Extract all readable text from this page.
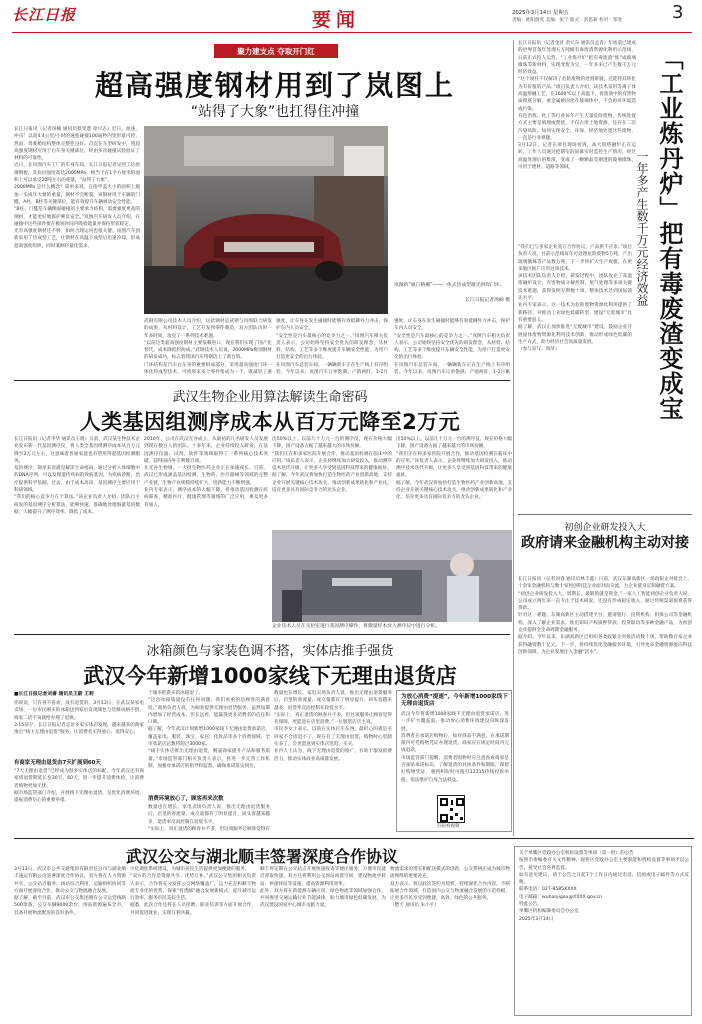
长江日报	要闻	2025年3月14日 星期五
责编：欧阳倩雯 美编：张宁 版式：彭思莉 校对：邹进	3
聚力建支点 夺取开门红
超高强度钢材用到了岚图上
“站得了大象”也扛得住冲撞
长江日报讯（记者汤楠 通讯员蔡雯薏 徐尽志）近日，加速、冲击！以超4.4公里/小时的速度碰撞100毫秒内变形量可控，然而，驾驶舱结构整体完整性良好。首次在车型研发中，将超高强度钢材应用于白车身关键部位，经由多次碰撞试验验证了材料的可靠性。
近日，在岚图汽车工厂的车身车间，长江日报记者见到了这款薄钢板，其抗拉强度高达2000MPa，相当于在1平方厘米的面积上可以承受20吨左右的重量，“站得了大象”。
2000MPa 是什么概念？简单来说，在指甲盖大小的面积上施加一头成年大象的重量，钢材不会断裂。该钢材用于车辆的门槛、A柱、B柱等关键部位，能有效提升车辆被动安全性能。
“B柱、门槛是车辆侧面碰撞的主要承力结构，需要强度更高的钢材，才能更好地保护乘员安全。”岚图汽车研发人员介绍，在碰撞中这些部件要在极短时间内吸收能量并保持形状稳定。
光有高强度钢材还不够，如何合理运用也很关键。岚图汽车创新采用了热成型工艺，让钢材在高温下成型后迅速冷却，形成超高强度组织，同时兼顾轻量化需求。
岚图的“旗门格栅”——一体式热成型激光拼焊门环。
长江日报记者汤楠 摄
武钢有限公司技术人员介绍，这款钢材是武钢与岚图联合研发的成果，从材料设计、工艺开发到零件制造，双方团队历时一年多时间，攻克了一系列技术难题。
“以前这类超高强度钢材主要依赖进口，现在我们实现了国产化替代，成本降低约两成。”武钢技术人员说，2000MPa级别钢材的研发成功，标志着我国汽车用钢迈上了新台阶。
门环结构是汽车白车身的重要组成部分，采用超高强度门环一体化热成型技术，可将原来多个零件集成为一个，既减轻了重

强度，让车身在发生碰撞时能够有效抵御外力冲击，保护车内人员安全。
“安全性是汽车最核心的竞争力之一。”岚图汽车相关负责人表示，公司始终坚持安全优先的研发理念，从材料、结构、工艺等多个维度提升车辆安全性能，为用户打造更安全的出行体验。
在岚图汽车总装车间，一辆辆新车正在生产线上有序组装。今年以来，岚图汽车订单饱满，产销两旺，1-2月

强度，让车身在发生碰撞时能够有效抵御外力冲击，保护车内人员安全。
“安全性是汽车最核心的竞争力之一。”岚图汽车相关负责人表示，公司始终坚持安全优先的研发理念，从材料、结构、工艺等多个维度提升车辆安全性能，为用户打造更安全的出行体验。
在岚图汽车总装车间，一辆辆新车正在生产线上有序组装。今年以来，岚图汽车订单饱满，产销两旺，1-2月累

武汉生物企业用算法解读生命密码
人类基因组测序成本从百万元降至2万元
长江日报讯（记者李华 通讯员王晓）日前，武汉某生物技术企业发布新一代基因测序仪，将人类全基因组测序成本从百万元降至2万元左右，这意味着普通家庭也有望用得起基因检测服务。
基因测序，简单来说就是解读生命密码。通过分析人体细胞中的DNA序列，可以发现遗传疾病的致病基因，为疾病诊断、治疗提供科学依据。过去，由于成本高昂，基因测序主要应用于科研领域。
“我们的核心竞争力在于算法。”该企业负责人介绍，团队自主研发的基因测序分析算法，能够快速、准确地处理海量基因数据，大幅提升了测序效率，降低了成本。
2010年，公司在武汉光谷成立，从最初的几名研发人员发展到现在数百人的团队。十多年来，企业持续投入研发，在基因测序仪器、试剂、软件等领域取得了一系列核心技术突破，获得国内外专利数百项。
在光谷生物城，一大批生物医药企业正在加速成长。目前，武汉已形成涵盖基因检测、生物药、医疗器械等领域的完整产业链，生物产业规模持续扩大，创新能力不断增强。
业内专家表示，测序成本的大幅下降，将推动基因检测在疾病筛查、精准医疗、健康管理等领域的广泛应用，惠及更多普通人。
出50%以上。以前几十万元一台的测序仪，现在价格大幅下降，国产设备占据了越来越大的市场份额。
“我们正在和多家医院开展合作，推动基因检测在临床中的应用。”该负责人表示，企业将继续加大研发投入，推动测序技术迭代升级，让更多人享受到基因科技带来的健康福祉。
据了解，今年武汉将加快打造生物医药产业创新高地，支持企业开展关键核心技术攻关，推动创新成果转化和产业化，培育更多具有国际竞争力的龙头企业。
企业技术人员在实验室进行基因测序操作，将微量样本放入测序仪中进行分析。
出50%以上。以前几十万元一台的测序仪，现在价格大幅下降，国产设备占据了越来越大的市场份额。
“我们正在和多家医院开展合作，推动基因检测在临床中的应用。”该负责人表示，企业将继续加大研发投入，推动测序技术迭代升级，让更多人享受到基因科技带来的健康福祉。
据了解，今年武汉将加快打造生物医药产业创新高地，支持企业开展关键核心技术攻关，推动创新成果转化和产业化，培育更多具有国际竞争力的龙头企业。
冰箱颜色与家装色调不搭，实体店推手强货
武汉今年新增1000家线下无理由退货店
■长江日报记者刘睿 通讯员王蔚 王莉
你说说，只有喜不喜欢，没有退货的。3月13日，在武汉某家电卖场，一位市民刚买的冰箱送到家后发现颜色与装修风格不搭，商家二话不说就给办理了退换。
3·15前夕，长江日报记者走访多家实体店发现，越来越多的商家推出“线下无理由退货”服务，让消费者买得放心、退得安心。
有商家无理由退货由7天扩展到60天
“7天无理由退货”已经成为很多实体店的标配，今年武汉还有商家将退货期延长至30天、60天，进一步提升消费体验，让消费者购物更加无忧。
据市场监管部门介绍，开展线下无理由退货，是优化消费环境、提振消费信心的重要举措。
个城市把新买的冰箱退了。
“这台冰箱质量没有任何问题，我们看重的是顾客的满意度。”商场负责人说，为顾客提供无理由退货服务，虽然短期内增加了经营成本，但长远看，能赢得更多消费者的信任和口碑。
据了解，今年武汉计划新增1000家线下无理由退货承诺店，覆盖家电、服装、珠宝、家居、化妆品等多个消费领域，全市承诺店总数将超过3000家。
“线下实体店推出无理由退货，倒逼商家提升产品和服务质量。”市场监管部门相关负责人表示，将进一步完善工作机制，加强对承诺店的指导和监督，确保承诺落实到位。
消费环境放心了，顾客再来次数
数量也在增长。家电卖场负责人说，推出无理由退货服务后，店里的客流量、成交量都有了明显提升，回头客越来越多，退货率反而控制在较低水平。
“实际上，真正退货的顾客并不多，但这项服务让顾客觉得有

数量也在增长。家电卖场负责人说，推出无理由退货服务后，店里的客流量、成交量都有了明显提升，回头客越来越多，退货率反而控制在较低水平。
“实际上，真正退货的顾客并不多，但这项服务让顾客觉得有保障，更愿意在店里消费。”一位服装店店主说。
市民李女士表示，以前在实体店买东西，最担心的就是买回家不合适退不了，现在有了无理由退货，购物时心里踏实多了，会更愿意到实体店逛逛、买买。
业内人士认为，线下无理由退货的推广，有助于激发消费活力，推动实体商业高质量发展。
为放心消费“提速”，今年新增1000家线下无理由退货店
武汉今年将新增1000家线下无理由退货承诺店，进一步扩大覆盖面，推动放心消费环境建设向纵深发展。
消费者在承诺店购物后，如对商品不满意，在承诺期限内可凭购物凭证办理退货，商家应在规定时间内完成退款。
市场监管部门提醒，消费者购物时应注意查看商家是否张贴承诺标识，了解退货的具体条件和期限，保留好购物凭证，遇到纠纷时可拨打12315热线投诉举报，依法维护自身合法权益。
扫码看视频
武汉公交与湖北顺丰签署深度合作协议
3月13日，武汉市公共交通集团有限责任公司与湖北顺丰速运有限公司签署深度合作协议，双方将在人力资源共享、公交站点服务、场站综合利用、运输组织协同等方面开展深度合作，推动公交与物流融合发展。
据了解，截至目前，武汉市公交集团拥有公交运营线路500余条，公交车辆9000余台，场站资源遍布全市，具备开展物流配送的良好条件。
字化调度系统建设，为城市居民生活提供更加便捷的服务。
“双方的合作是资源共享、优势互补。”武汉公交集团相关负责人表示，合作将充分发挥公交网络覆盖广、运力充足和顺丰物流专业化的优势，探索“客货邮”融合发展新模式，提升城市运行效率，服务市民美好生活。
据悉，此次合作还将在人员招聘、职业培训等方面开展合作，共同促进就业，实现互利共赢。
顺丰将定期在公交站点开展快递收寄等便民服务，方便市民就近寄取快递。双方还将利用公交场站闲置空间，建设物流中转站、快递驿站等设施，提高资源利用效率。
此外，双方将在新能源车辆应用、绿色物流等领域加强合作，共同推进交通运输行业节能减排，助力城市绿色低碳发展，为武汉建设国家中心城市贡献力量。
物流需求的增长和配送模式的创新，公交系统正成为城市物流网络的重要补充。
双方表示，将以此次签约为契机，持续深化合作内容，不断拓展合作领域，打造国内公交与物流融合发展的示范样板，让更多市民享受到便捷、高效、绿色的公共服务。
（楚天 通讯员 朱小宇）
关于单鹰区党政办公室机构设置等事项（第一批）的公告
按照市委编委有关文件精神，现将区党政办公室主要职能和机构设置等事项予以公告，接受社会各界监督。
如有意见建议，请于公告之日起7个工作日内通过电话、信函或电子邮件等方式反映。
联系电话：027-8585XXXX
电子邮箱：wuhanjigou@XXXX.gov.cn
特此公告。
单鹰区机构编制委员会办公室
2025年3月14日
长江日报讯（记者金济 余元东 通讯员孟青）年底前已建成的世界首条年处理五万吨级有毒废渣资源化利用示范线，日前正式投入运营。“工业炼丹炉”把有毒废渣“炼”成玻璃微珠等新材料，实现变废为宝，一年多来已产生数千万元经济效益。
“这个项目不仅解决了危险废物的处置难题，还能将其转化为有价值的产品。”项目负责人介绍，该技术采用等离子体高温熔融工艺，在1600℃以上高温下，将废渣中的有害物质彻底分解，重金属被固化在玻璃体中，不会再对环境造成污染。
有色冶炼、化工等行业每年产生大量危险废物，传统处置方式主要是填埋或焚烧，不仅占用土地资源，还存在二次污染风险。如何实现安全、环保、经济地处置这些废物，一直是行业难题。
3月12日，记者在项目现场看到，高大的熔融炉正在运转，工作人员通过控制室的屏幕实时监控生产情况。经过高温处理后的废渣，变成了一颗颗晶莹剔透的玻璃微珠，可用于建材、道路等领域。	「工业炼丹炉」把有毒废渣变成宝
一年多产生数千万元经济效益
“我们已与多家企业签订合作协议，产品供不应求。”项目负责人说，目前示范线每年可处理危险废物5万吨，产出玻璃微珠等产品数万吨，下一步将扩大生产规模，在更多地区推广应用这项技术。
该技术团队负责人介绍，研发过程中，团队攻克了高温熔融炉设计、有害物质分解控制、尾气处理等多项关键技术难题，获得发明专利数十项，整体技术达到国际领先水平。
业内专家表示，这一技术为危险废物资源化利用提供了新路径，对推动工业绿色低碳转型、建设“无废城市”具有重要意义。
据了解，武汉正加快推进“无废城市”建设，鼓励企业开展固体废物资源化利用技术创新，推动形成绿色低碳的生产方式，助力经济社会高质量发展。
（参与采写：周萍）
初创企业研发投入大
政府请来金融机构主动对接
长江日报讯（记者刘睿 通讯员林丰鑫）日前，武汉东湖高新区一场政银企对接会上，十余家金融机构与数十家初创科技企业面对面交流，为企业量身定制融资方案。
“初创企业研发投入大、周期长，最缺的就是资金。”一家人工智能初创企业负责人说，公司成立两年来一直专注于技术研发，还没有形成稳定收入，通过传统渠道很难获得贷款。
针对这一难题，东湖高新区主动搭建平台，邀请银行、投资机构、担保公司等金融机构，深入了解企业需求，推出知识产权质押贷款、投贷联动等多种金融产品，为初创企业提供全生命周期金融服务。
据介绍，今年以来，东湖高新区已组织各类政银企对接活动数十场，帮助数百家企业获得融资数十亿元。下一步，将持续优化金融服务环境，引导更多金融资源流向科技创新领域，为企业发展注入金融“活水”。
